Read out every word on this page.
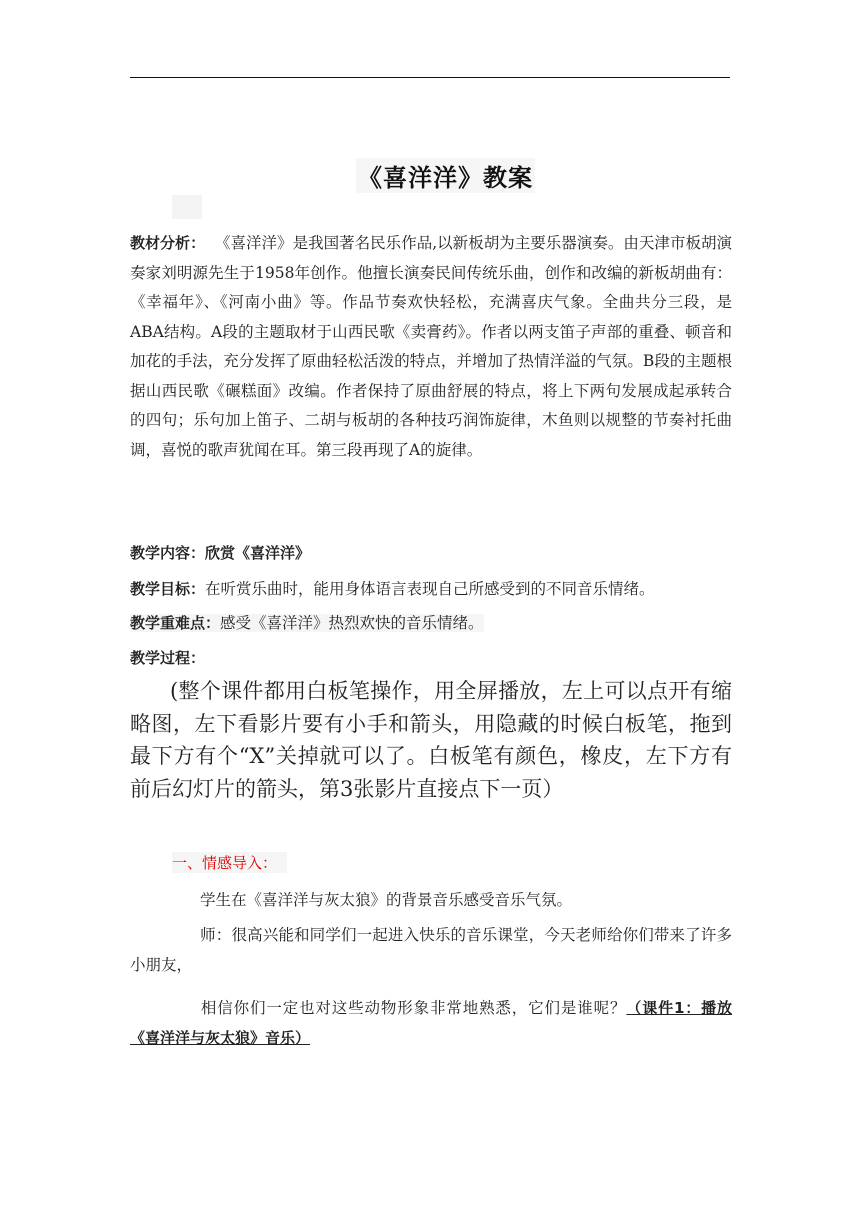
《喜洋洋》教案
教材分析： 《喜洋洋》是我国著名民乐作品,以新板胡为主要乐器演奏。由天津市板胡演奏家刘明源先生于1958年创作。他擅长演奏民间传统乐曲，创作和改编的新板胡曲有：《幸福年》、《河南小曲》等。作品节奏欢快轻松，充满喜庆气象。全曲共分三段，是ABA结构。A段的主题取材于山西民歌《卖膏药》。作者以两支笛子声部的重叠、顿音和加花的手法，充分发挥了原曲轻松活泼的特点，并增加了热情洋溢的气氛。B段的主题根据山西民歌《碾糕面》改编。作者保持了原曲舒展的特点，将上下两句发展成起承转合的四句；乐句加上笛子、二胡与板胡的各种技巧润饰旋律，木鱼则以规整的节奏衬托曲调，喜悦的歌声犹闻在耳。第三段再现了A的旋律。
教学内容：欣赏《喜洋洋》
教学目标：在听赏乐曲时，能用身体语言表现自己所感受到的不同音乐情绪。
教学重难点：感受《喜洋洋》热烈欢快的音乐情绪。
教学过程：
(整个课件都用白板笔操作，用全屏播放，左上可以点开有缩略图，左下看影片要有小手和箭头，用隐藏的时候白板笔，拖到最下方有个“X”关掉就可以了。白板笔有颜色，橡皮，左下方有前后幻灯片的箭头，第3张影片直接点下一页）
一、情感导入：
学生在《喜洋洋与灰太狼》的背景音乐感受音乐气氛。
师：很高兴能和同学们一起进入快乐的音乐课堂，今天老师给你们带来了许多小朋友，
相信你们一定也对这些动物形象非常地熟悉，它们是谁呢？（课件1：播放《喜洋洋与灰太狼》音乐）
